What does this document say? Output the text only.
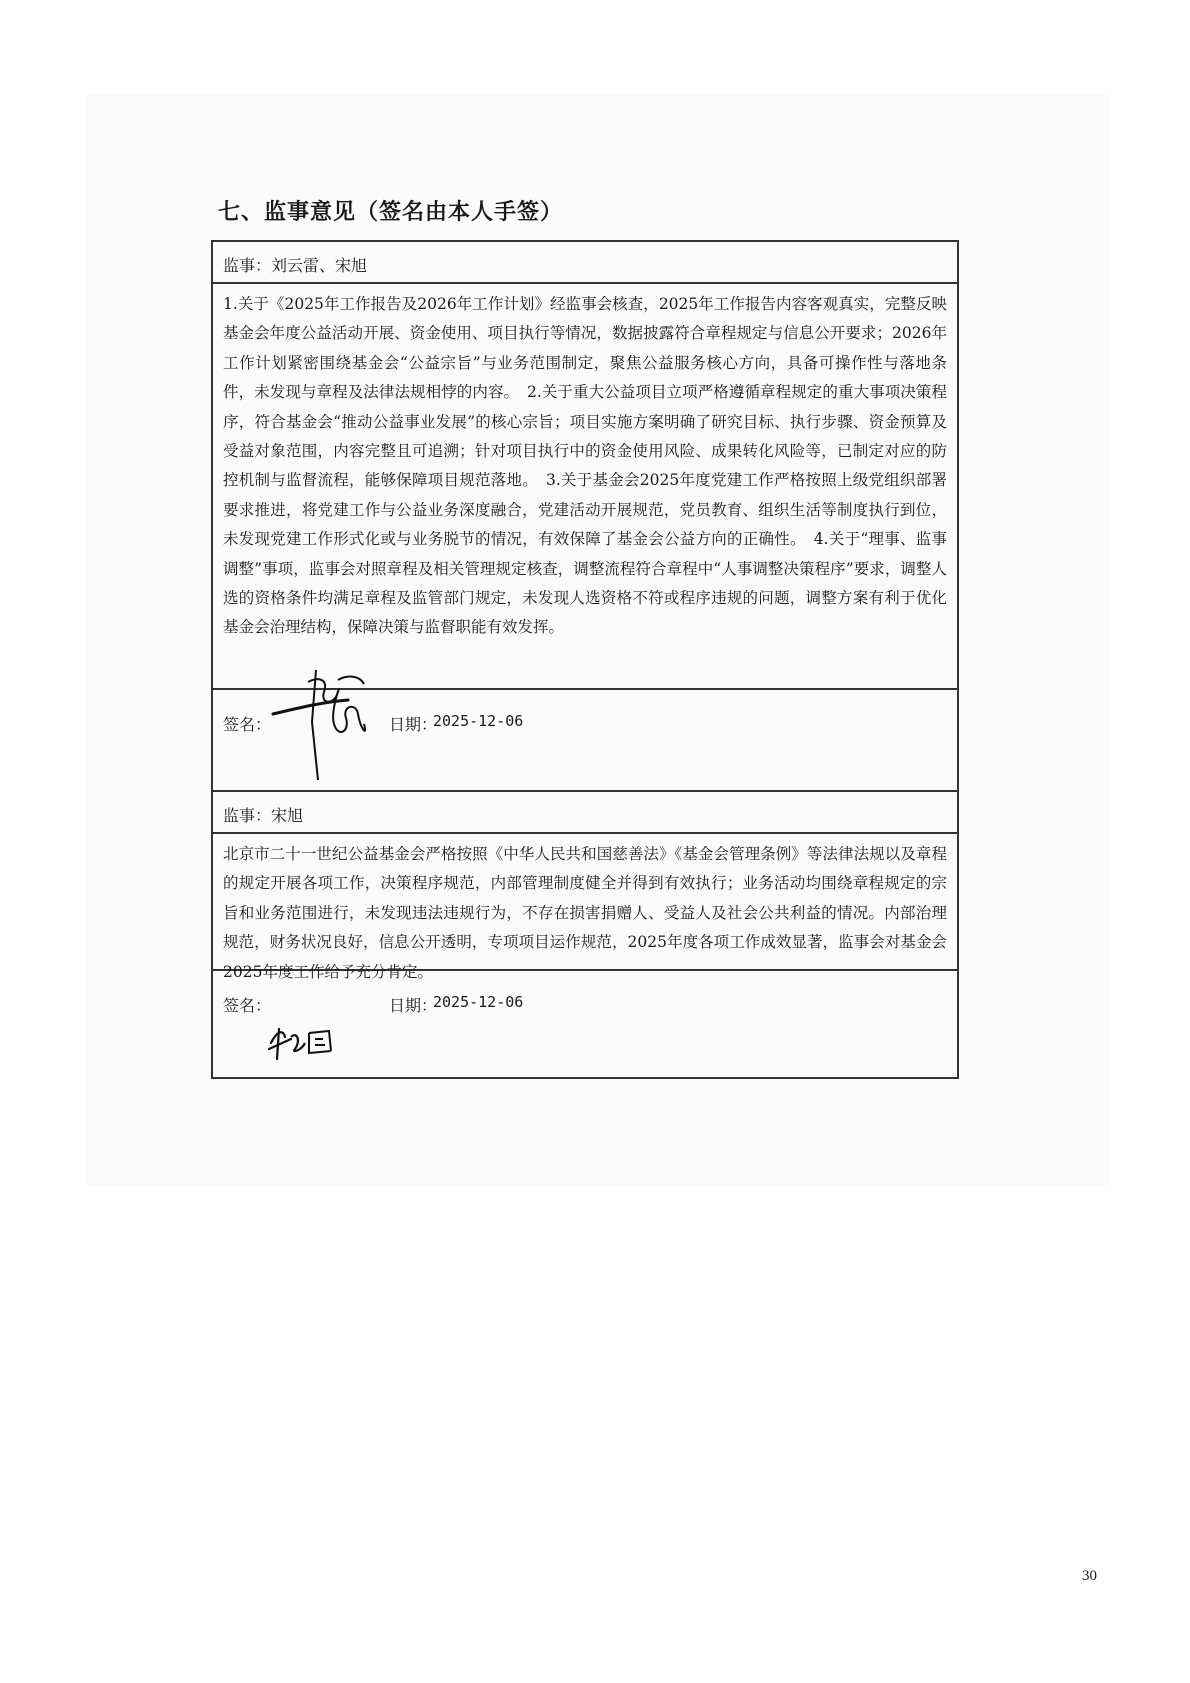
七、监事意见（签名由本人手签）
监事：刘云雷、宋旭
1.关于《2025年工作报告及2026年工作计划》经监事会核查，2025年工作报告内容客观真实，完整反映基金会年度公益活动开展、资金使用、项目执行等情况，数据披露符合章程规定与信息公开要求；2026年工作计划紧密围绕基金会“公益宗旨”与业务范围制定，聚焦公益服务核心方向，具备可操作性与落地条件，未发现与章程及法律法规相悖的内容。　2.关于重大公益项目立项严格遵循章程规定的重大事项决策程序，符合基金会“推动公益事业发展”的核心宗旨；项目实施方案明确了研究目标、执行步骤、资金预算及受益对象范围，内容完整且可追溯；针对项目执行中的资金使用风险、成果转化风险等，已制定对应的防控机制与监督流程，能够保障项目规范落地。　3.关于基金会2025年度党建工作严格按照上级党组织部署要求推进，将党建工作与公益业务深度融合，党建活动开展规范，党员教育、组织生活等制度执行到位，未发现党建工作形式化或与业务脱节的情况，有效保障了基金会公益方向的正确性。　4.关于“理事、监事调整”事项，监事会对照章程及相关管理规定核查，调整流程符合章程中“人事调整决策程序”要求，调整人选的资格条件均满足章程及监管部门规定，未发现人选资格不符或程序违规的问题，调整方案有利于优化基金会治理结构，保障决策与监督职能有效发挥。
签名：	日期：
2025-12-06
监事：宋旭
北京市二十一世纪公益基金会严格按照《中华人民共和国慈善法》《基金会管理条例》等法律法规以及章程的规定开展各项工作，决策程序规范，内部管理制度健全并得到有效执行；业务活动均围绕章程规定的宗旨和业务范围进行，未发现违法违规行为，不存在损害捐赠人、受益人及社会公共利益的情况。内部治理规范，财务状况良好，信息公开透明，专项项目运作规范，2025年度各项工作成效显著，监事会对基金会2025年度工作给予充分肯定。
签名：	日期：
2025-12-06
30
